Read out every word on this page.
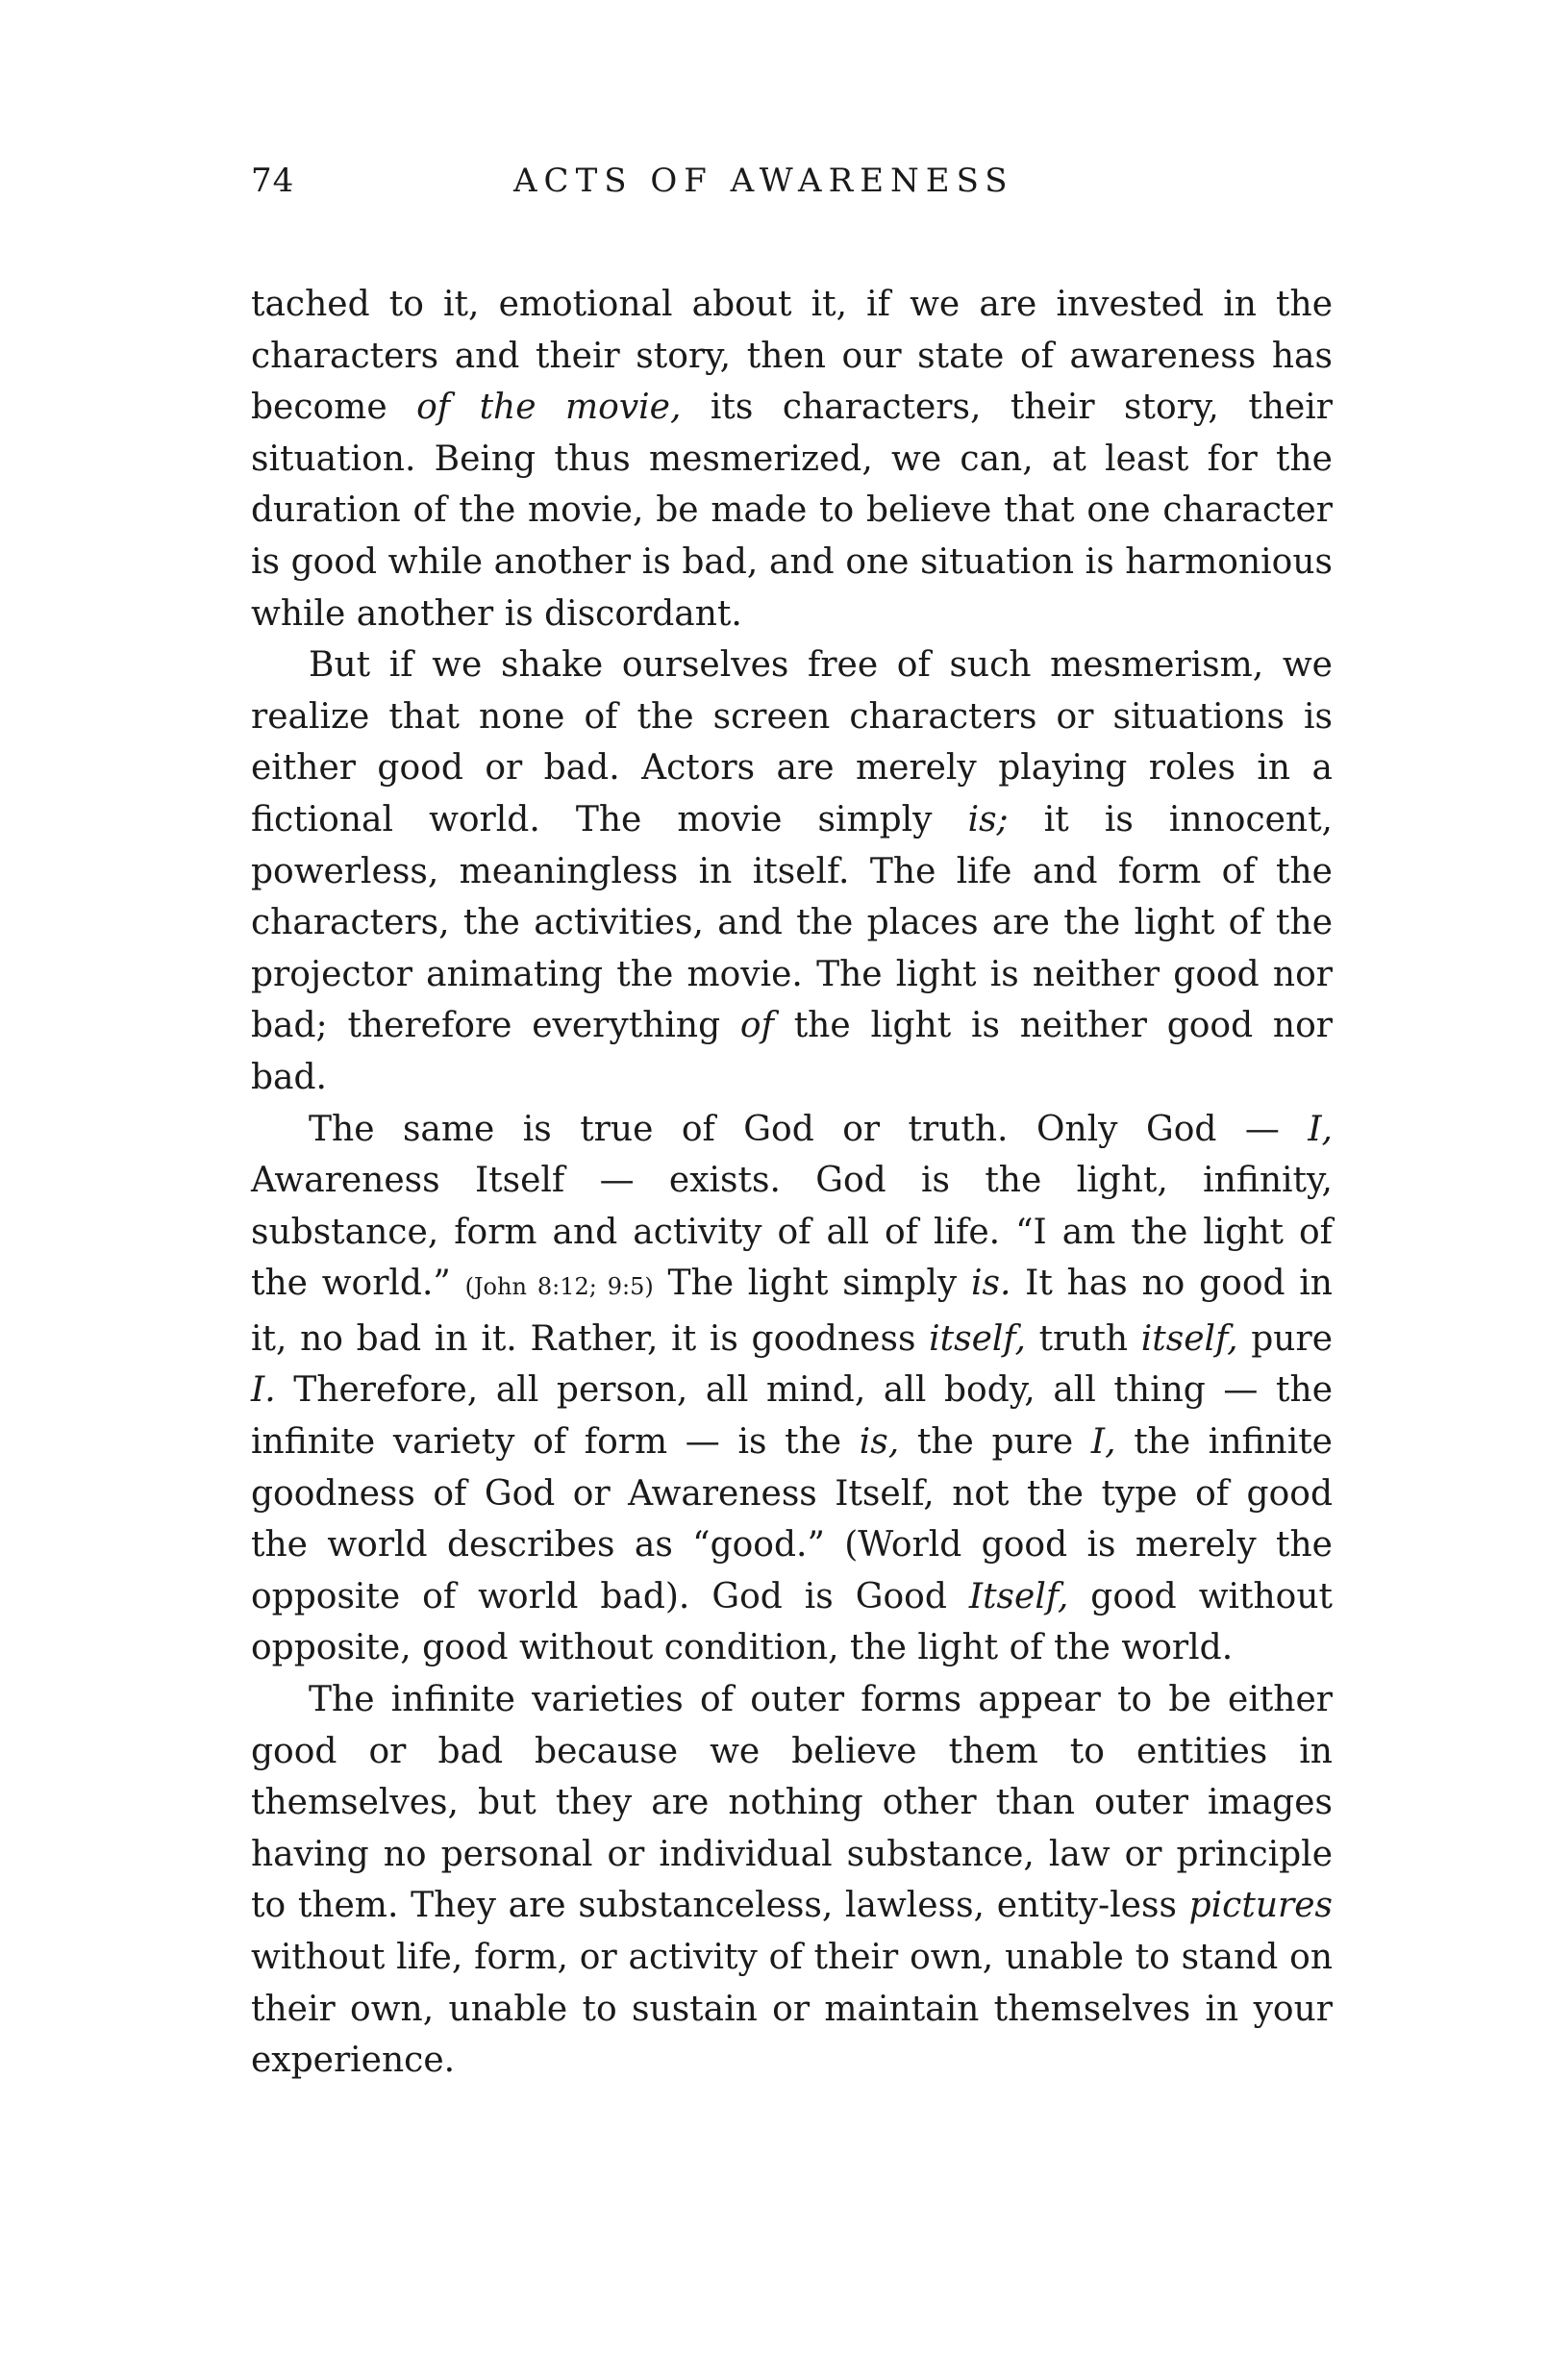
74	ACTS OF AWARENESS

tached to it, emotional about it, if we are invested in the characters and their story, then our state of awareness has become of the movie, its characters, their story, their situation. Being thus mesmerized, we can, at least for the duration of the movie, be made to believe that one character is good while another is bad, and one situation is harmonious while another is discordant.

But if we shake ourselves free of such mesmerism, we realize that none of the screen characters or situations is either good or bad. Actors are merely playing roles in a fictional world. The movie simply is; it is innocent, powerless, meaningless in itself. The life and form of the characters, the activities, and the places are the light of the projector animating the movie. The light is neither good nor bad; therefore everything of the light is neither good nor bad.

The same is true of God or truth. Only God — I, Awareness Itself — exists. God is the light, infinity, substance, form and activity of all of life. “I am the light of the world.” (John 8:12; 9:5) The light simply is. It has no good in it, no bad in it. Rather, it is goodness itself, truth itself, pure I. Therefore, all person, all mind, all body, all thing — the infinite variety of form — is the is, the pure I, the infinite goodness of God or Awareness Itself, not the type of good the world describes as “good.” (World good is merely the opposite of world bad). God is Good Itself, good without opposite, good without condition, the light of the world.

The infinite varieties of outer forms appear to be either good or bad because we believe them to entities in themselves, but they are nothing other than outer images having no personal or individual substance, law or principle to them. They are substanceless, lawless, entity-less pictures without life, form, or activity of their own, unable to stand on their own, unable to sustain or maintain themselves in your experience.
